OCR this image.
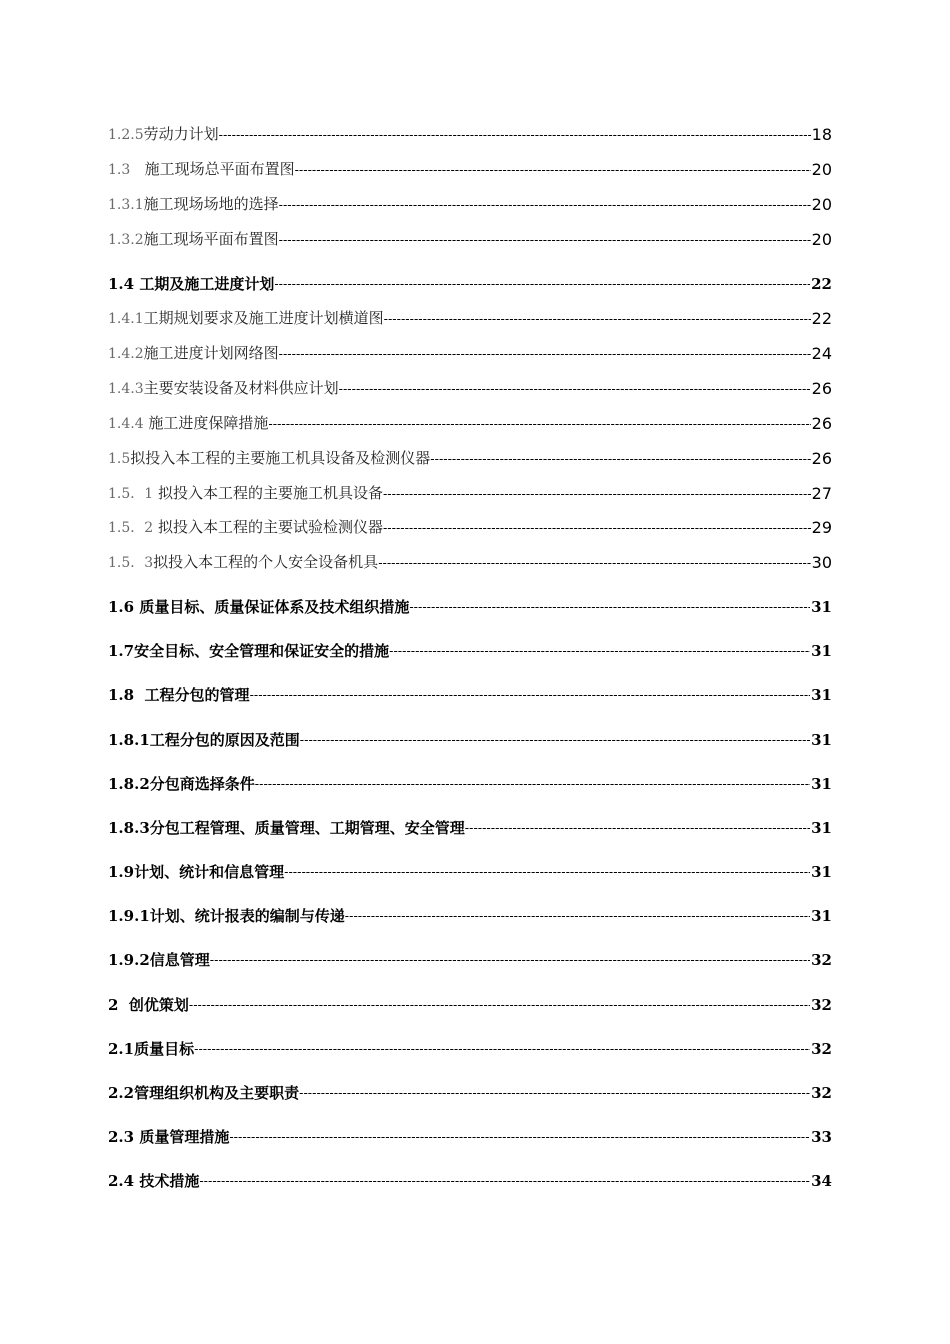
1.2.5劳动力计划 -----	18
1.3   施工现场总平面布置图 -----	20
1.3.1施工现场场地的选择 -----	20
1.3.2施工现场平面布置图 -----	20
1.4 工期及施工进度计划 -----	22
1.4.1工期规划要求及施工进度计划横道图 -----	22
1.4.2施工进度计划网络图 -----	24
1.4.3主要安装设备及材料供应计划 -----	26
1.4.4 施工进度保障措施 -----	26
1.5拟投入本工程的主要施工机具设备及检测仪器 -----	26
1.5．1 拟投入本工程的主要施工机具设备 -----	27
1.5．2 拟投入本工程的主要试验检测仪器 -----	29
1.5．3拟投入本工程的个人安全设备机具 -----	30
1.6 质量目标、质量保证体系及技术组织措施 -----	31
1.7安全目标、安全管理和保证安全的措施 -----	31
1.8  工程分包的管理 -----	31
1.8.1工程分包的原因及范围 -----	31
1.8.2分包商选择条件 -----	31
1.8.3分包工程管理、质量管理、工期管理、安全管理 -----	31
1.9计划、统计和信息管理 -----	31
1.9.1计划、统计报表的编制与传递 -----	31
1.9.2信息管理 -----	32
2  创优策划 -----	32
2.1质量目标 -----	32
2.2管理组织机构及主要职责 -----	32
2.3 质量管理措施 -----	33
2.4 技术措施 -----	34
